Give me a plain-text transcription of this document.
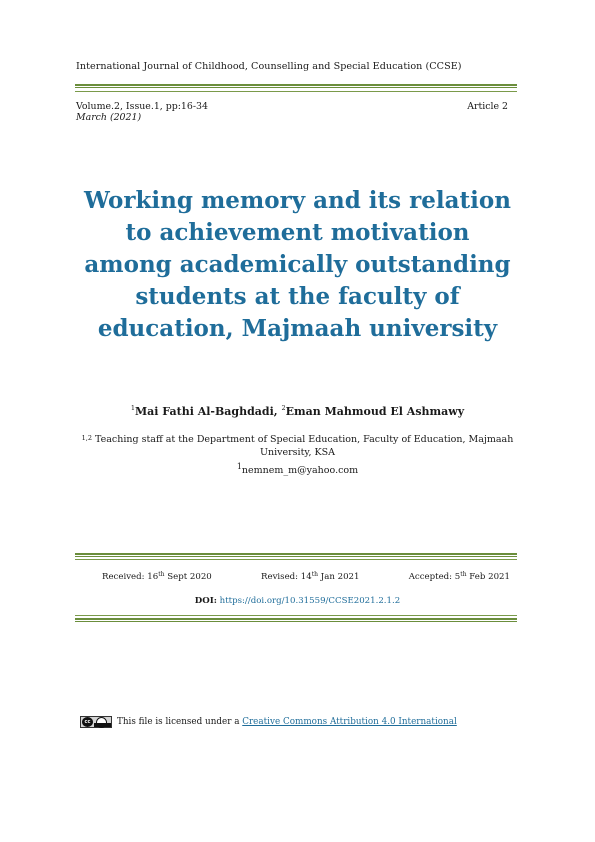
International Journal of Childhood, Counselling and Special Education (CCSE)
Volume.2, Issue.1, pp:16-34
March (2021)
Article 2
Working memory and its relation to achievement motivation among academically outstanding students at the faculty of education, Majmaah university
$^1$Mai Fathi Al-Baghdadi, $^2$Eman Mahmoud El Ashmawy
$^{1,2}$ Teaching staff at the Department of Special Education, Faculty of Education, Majmaah University, KSA
$^1$nemnem_m@yahoo.com
Received: 16th Sept 2020	Revised: 14th Jan 2021	Accepted: 5th Feb 2021
DOI: https://doi.org/10.31559/CCSE2021.2.1.2
cc	This file is licensed under a Creative Commons Attribution 4.0 International
